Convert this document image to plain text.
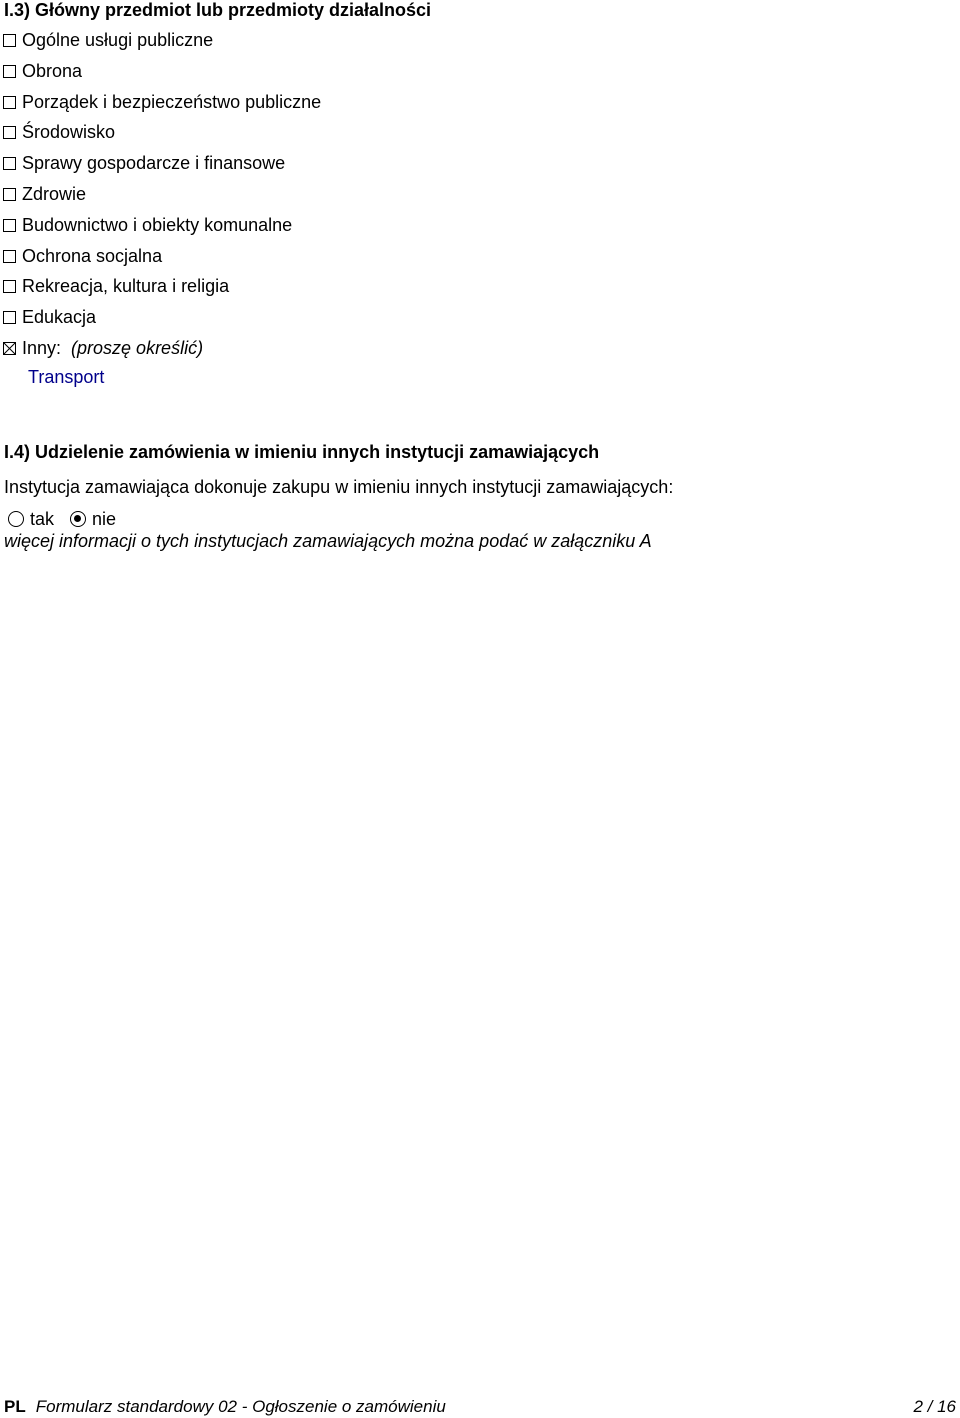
I.3) Główny przedmiot lub przedmioty działalności
Ogólne usługi publiczne
Obrona
Porządek i bezpieczeństwo publiczne
Środowisko
Sprawy gospodarcze i finansowe
Zdrowie
Budownictwo i obiekty komunalne
Ochrona socjalna
Rekreacja, kultura i religia
Edukacja
Inny: (proszę określić)
Transport
I.4) Udzielenie zamówienia w imieniu innych instytucji zamawiających
Instytucja zamawiająca dokonuje zakupu w imieniu innych instytucji zamawiających:
tak nie
więcej informacji o tych instytucjach zamawiających można podać w załączniku A
PL Formularz standardowy 02 - Ogłoszenie o zamówieniu	2 / 16
